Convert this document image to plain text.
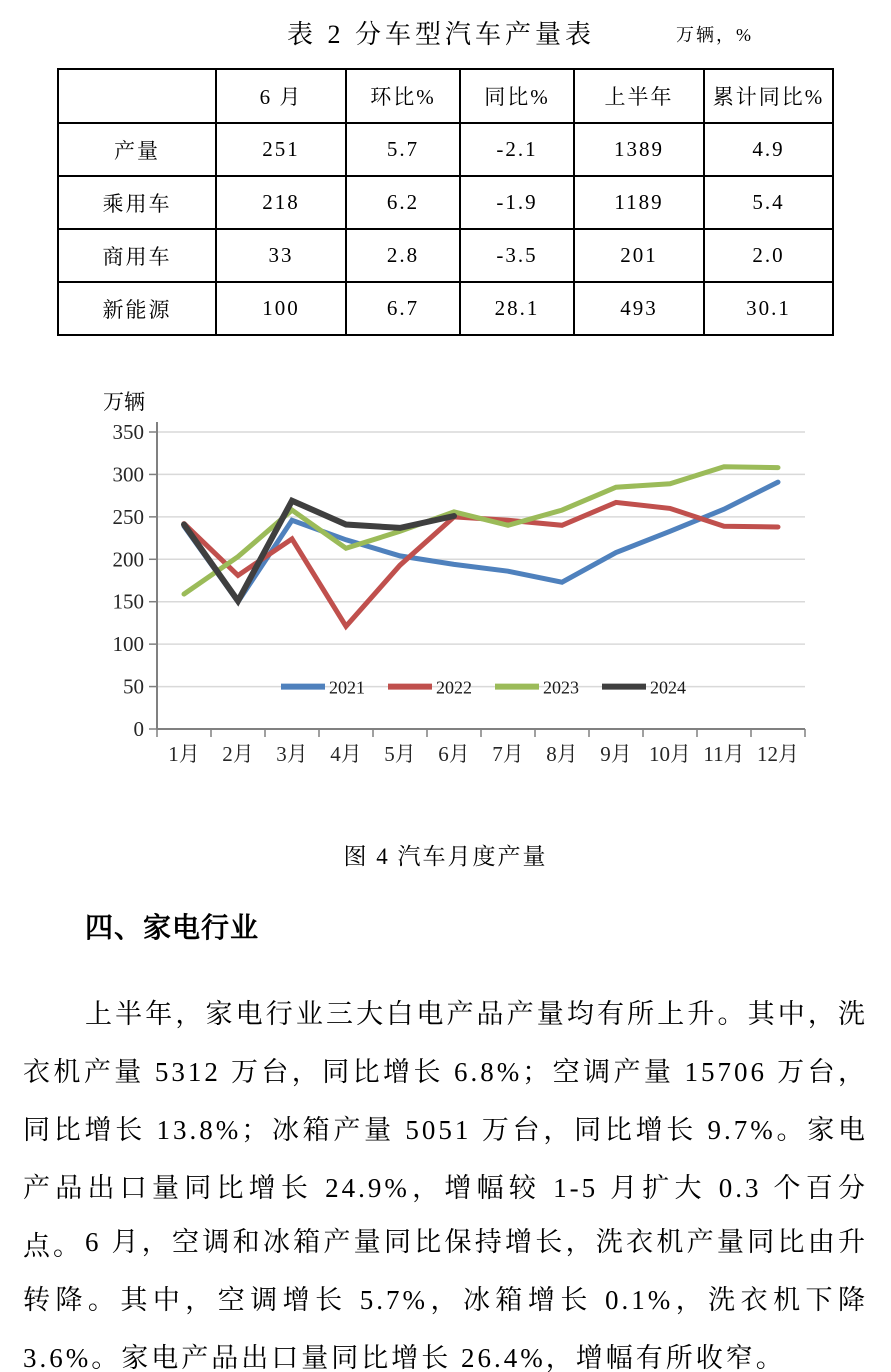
表 2 分车型汽车产量表	万辆，%
	6 月	环比%	同比%	上半年	累计同比%
产量	251	5.7	-2.1	1389	4.9
乘用车	218	6.2	-1.9	1189	5.4
商用车	33	2.8	-3.5	201	2.0
新能源	100	6.7	28.1	493	30.1
0
50
100
150
200
250
300
350
1月 2月 3月 4月 5月 6月 7月 8月 9月 10月 11月 12月
万辆
2021	2022	2023	2024
图 4 汽车月度产量
四、家电行业

上半年，家电行业三大白电产品产量均有所上升。其中，洗衣机产量 5312 万台，同比增长 6.8%；空调产量 15706 万台，同比增长 13.8%；冰箱产量 5051 万台，同比增长 9.7%。家电产品出口量同比增长 24.9%，增幅较 1-5 月扩大 0.3 个百分点。 6 月，空调和冰箱产量同比保持增长，洗衣机产量同比由升转降。其中，空调增长 5.7%，冰箱增长 0.1%，洗衣机下降 3.6%。家电产品出口量同比增长 26.4%，增幅有所收窄。
